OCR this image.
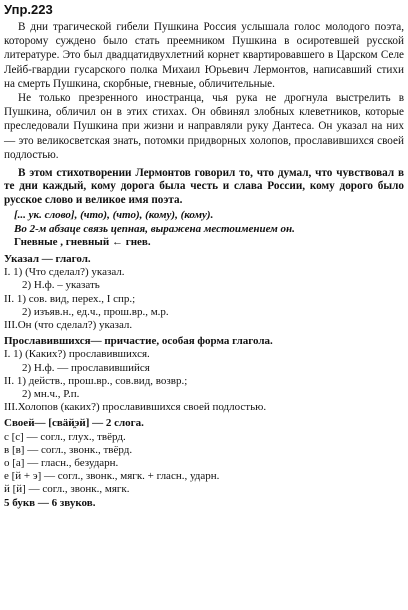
Упр.223

В дни трагической гибели Пушкина Россия услышала голос молодого поэта, которому суждено было стать преемником Пушкина в осиротевшей русской литературе. Это был двадцатидвухлетний корнет квартировавшего в Царском Селе Лейб-гвардии гусарского полка Михаил Юрьевич Лермонтов, написавший стихи на смерть Пушкина, скорбные, гневные, обличительные.

Не только презренного иностранца, чья рука не дрогнула выстрелить в Пушкина, обличил он в этих стихах. Он обвинял злобных клеветников, которые преследовали Пушкина при жизни и направляли руку Дантеса. Он указал на них — это великосветская знать, потомки придворных холопов, прославившихся своей подлостью.

В этом стихотворении Лермонтов говорил то, что думал, что чувствовал в те дни каждый, кому дорога была честь и слава России, кому дорого было русское слово и великое имя поэта.

[... ук. слово], (что), (что), (кому), (кому).
Во 2-м абзаце связь цепная, выражена местоимением он.
Гневные , гневный ← гнев.

Указал — глагол.

I. 1) (Что сделал?) указал.

2) Н.ф. – указать

II. 1) сов. вид, перех., I спр.;

2) изъяв.н., ед.ч., прош.вр., м.р.

III.Он (что сделал?) указал.

Прославившихся— причастие, особая форма глагола.

I. 1) (Каких?) прославившихся.

2) Н.ф. — прославившийся

II. 1) действ., прош.вр., сов.вид, возвр.;

2) мн.ч., Р.п.

III.Холопов (каких?) прославившихся своей подлостью.

Своей— [свäй̯эй] — 2 слога.

с [с] — согл., глух., твёрд.

в [в] — согл., звонк., твёрд.

о [а] — гласн., безударн.

е [й + э] — согл., звонк., мягк. + гласн., ударн.

й [й] — согл., звонк., мягк.

5 букв — 6 звуков.
